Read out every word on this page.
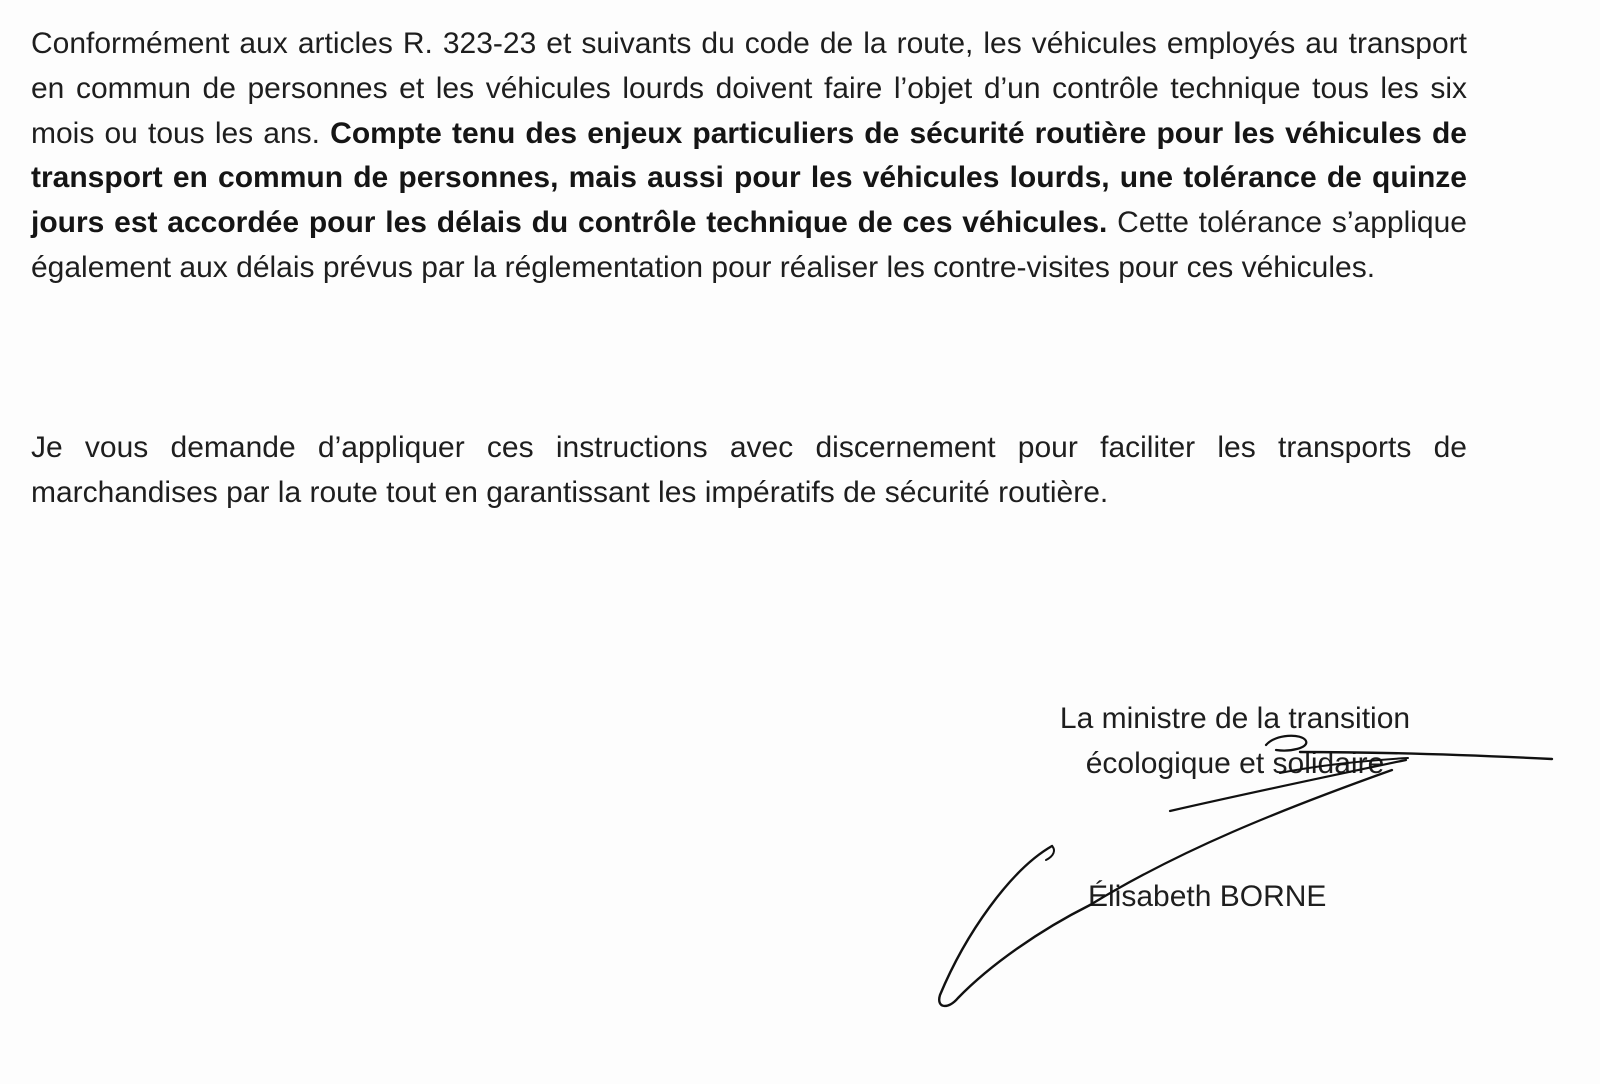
Conformément aux articles R. 323-23 et suivants du code de la route, les véhicules employés au transport en commun de personnes et les véhicules lourds doivent faire l’objet d’un contrôle technique tous les six mois ou tous les ans. Compte tenu des enjeux particuliers de sécurité routière pour les véhicules de transport en commun de personnes, mais aussi pour les véhicules lourds, une tolérance de quinze jours est accordée pour les délais du contrôle technique de ces véhicules. Cette tolérance s’applique également aux délais prévus par la réglementation pour réaliser les contre-visites pour ces véhicules.

Je vous demande d’appliquer ces instructions avec discernement pour faciliter les transports de marchandises par la route tout en garantissant les impératifs de sécurité routière.

La ministre de la transition
écologique et solidaire
Élisabeth BORNE
